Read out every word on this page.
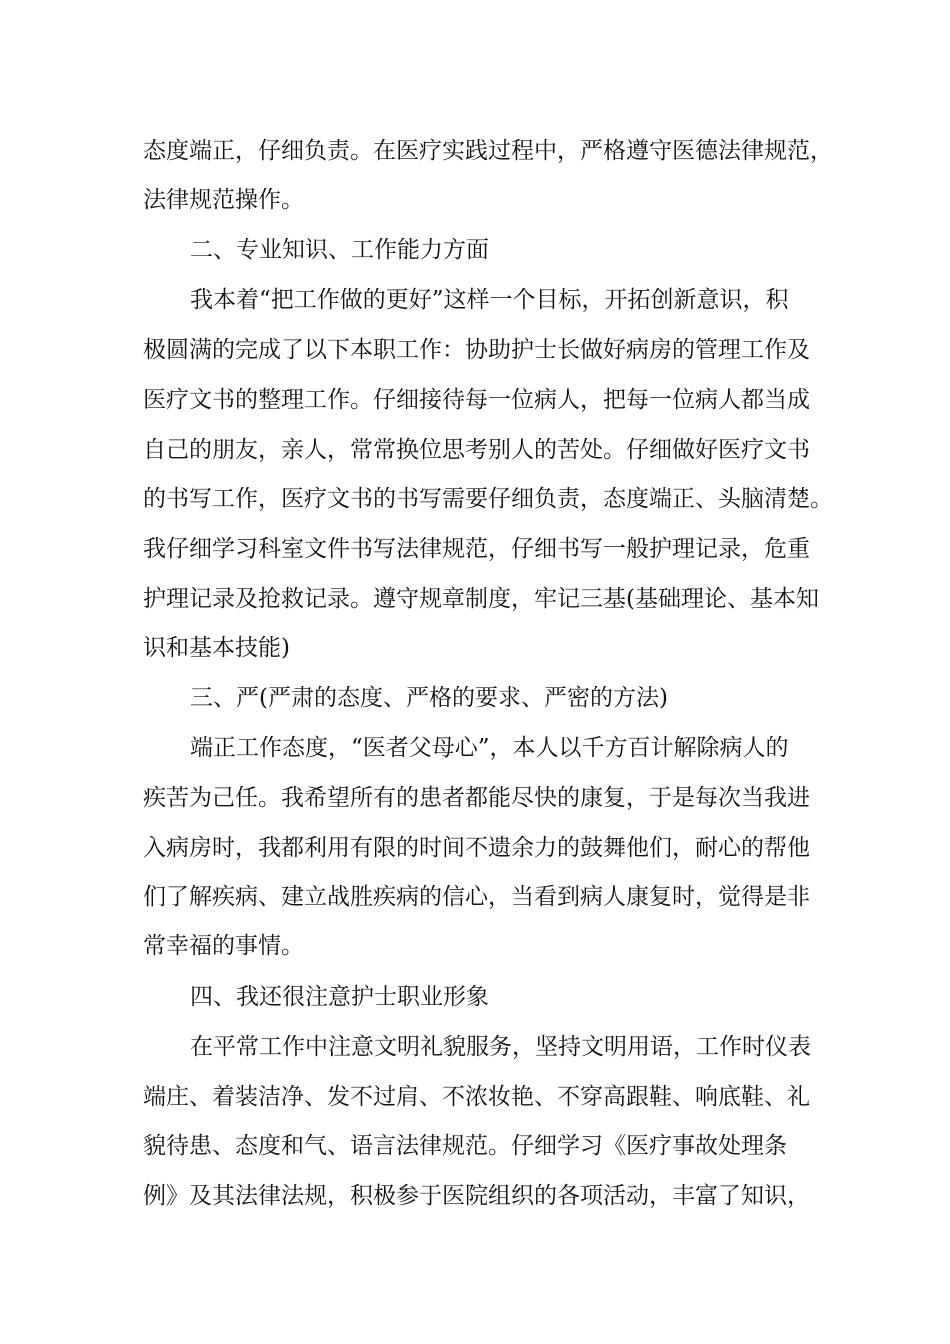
态度端正，仔细负责。在医疗实践过程中，严格遵守医德法律规范，
法律规范操作。
二、专业知识、工作能力方面
我本着“把工作做的更好”这样一个目标，开拓创新意识，积
极圆满的完成了以下本职工作：协助护士长做好病房的管理工作及
医疗文书的整理工作。仔细接待每一位病人，把每一位病人都当成
自己的朋友，亲人，常常换位思考别人的苦处。仔细做好医疗文书
的书写工作，医疗文书的书写需要仔细负责，态度端正、头脑清楚。
我仔细学习科室文件书写法律规范，仔细书写一般护理记录，危重
护理记录及抢救记录。遵守规章制度，牢记三基(基础理论、基本知
识和基本技能)
三、严(严肃的态度、严格的要求、严密的方法)
端正工作态度，“医者父母心”，本人以千方百计解除病人的
疾苦为己任。我希望所有的患者都能尽快的康复，于是每次当我进
入病房时，我都利用有限的时间不遗余力的鼓舞他们，耐心的帮他
们了解疾病、建立战胜疾病的信心，当看到病人康复时，觉得是非
常幸福的事情。
四、我还很注意护士职业形象
在平常工作中注意文明礼貌服务，坚持文明用语，工作时仪表
端庄、着装洁净、发不过肩、不浓妆艳、不穿高跟鞋、响底鞋、礼
貌待患、态度和气、语言法律规范。仔细学习《医疗事故处理条
例》及其法律法规，积极参于医院组织的各项活动，丰富了知识，
